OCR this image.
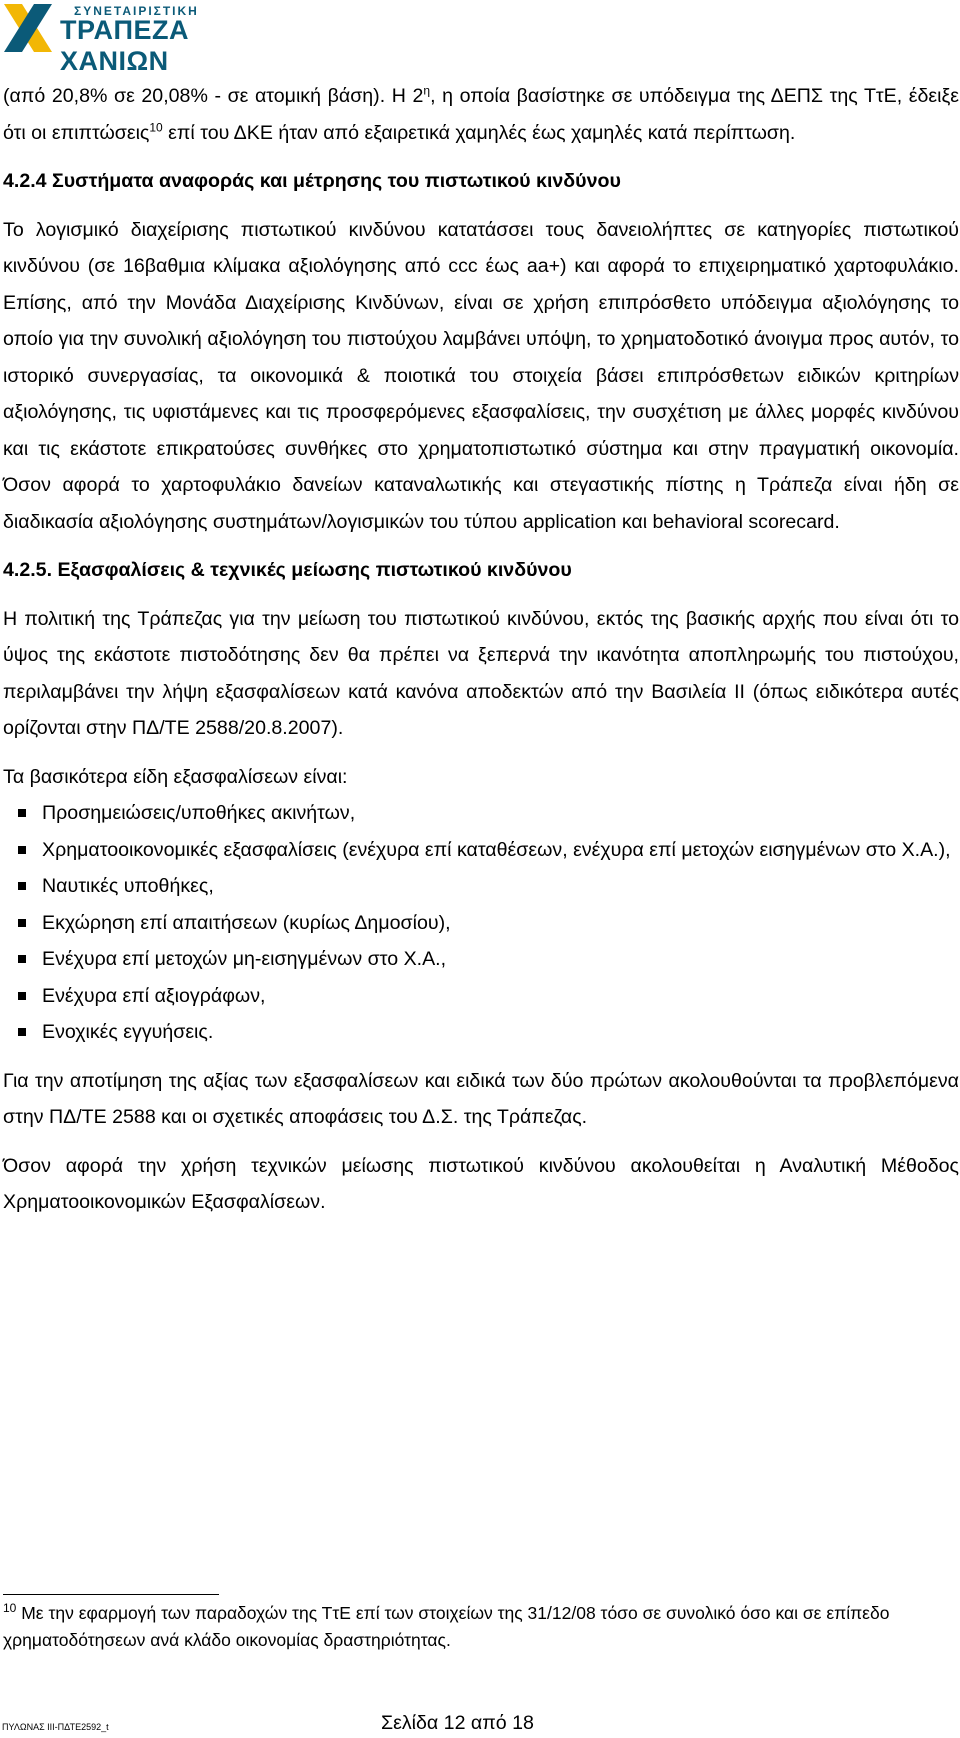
ΣΥΝΕΤΑΙΡΙΣΤΙΚΗ
ΤΡΑΠΕΖΑ ΧΑΝΙΩΝ

(από 20,8% σε 20,08% - σε ατομική βάση). Η $2^\eta$, η οποία βασίστηκε σε υπόδειγμα της ΔΕΠΣ της ΤτΕ, έδειξε ότι οι επιπτώσεις$^{10}$ επί του ΔΚΕ ήταν από εξαιρετικά χαμηλές έως χαμηλές κατά περίπτωση.

4.2.4 Συστήματα αναφοράς και μέτρησης του πιστωτικού κινδύνου

Το λογισμικό διαχείρισης πιστωτικού κινδύνου κατατάσσει τους δανειολήπτες σε κατηγορίες πιστωτικού κινδύνου (σε 16βαθμια κλίμακα αξιολόγησης από ccc έως aa+) και αφορά το επιχειρηματικό χαρτοφυλάκιο. Επίσης, από την Μονάδα Διαχείρισης Κινδύνων, είναι σε χρήση επιπρόσθετο υπόδειγμα αξιολόγησης το οποίο για την συνολική αξιολόγηση του πιστούχου λαμβάνει υπόψη, το χρηματοδοτικό άνοιγμα προς αυτόν, το ιστορικό συνεργασίας, τα οικονομικά & ποιοτικά του στοιχεία βάσει επιπρόσθετων ειδικών κριτηρίων αξιολόγησης, τις υφιστάμενες και τις προσφερόμενες εξασφαλίσεις, την συσχέτιση με άλλες μορφές κινδύνου και τις εκάστοτε επικρατούσες συνθήκες στο χρηματοπιστωτικό σύστημα και στην πραγματική οικονομία. Όσον αφορά το χαρτοφυλάκιο δανείων καταναλωτικής και στεγαστικής πίστης η Τράπεζα είναι ήδη σε διαδικασία αξιολόγησης συστημάτων/λογισμικών του τύπου application και behavioral scorecard.

4.2.5. Εξασφαλίσεις & τεχνικές μείωσης πιστωτικού κινδύνου

Η πολιτική της Τράπεζας για την μείωση του πιστωτικού κινδύνου, εκτός της βασικής αρχής που είναι ότι το ύψος της εκάστοτε πιστοδότησης δεν θα πρέπει να ξεπερνά την ικανότητα αποπληρωμής του πιστούχου, περιλαμβάνει την λήψη εξασφαλίσεων κατά κανόνα αποδεκτών από την Βασιλεία ΙΙ (όπως ειδικότερα αυτές ορίζονται στην ΠΔ/ΤΕ 2588/20.8.2007).

Τα βασικότερα είδη εξασφαλίσεων είναι:

Προσημειώσεις/υποθήκες ακινήτων,
Χρηματοοικονομικές εξασφαλίσεις (ενέχυρα επί καταθέσεων, ενέχυρα επί μετοχών εισηγμένων στο Χ.Α.),
Ναυτικές υποθήκες,
Εκχώρηση επί απαιτήσεων (κυρίως Δημοσίου),
Ενέχυρα επί μετοχών μη-εισηγμένων στο Χ.Α.,
Ενέχυρα επί αξιογράφων,
Ενοχικές εγγυήσεις.

Για την αποτίμηση της αξίας των εξασφαλίσεων και ειδικά των δύο πρώτων ακολουθούνται τα προβλεπόμενα στην ΠΔ/ΤΕ 2588 και οι σχετικές αποφάσεις του Δ.Σ. της Τράπεζας.

Όσον αφορά την χρήση τεχνικών μείωσης πιστωτικού κινδύνου ακολουθείται η Αναλυτική Μέθοδος Χρηματοοικονομικών Εξασφαλίσεων.

$^{10}$ Με την εφαρμογή των παραδοχών της ΤτΕ επί των στοιχείων της 31/12/08 τόσο σε συνολικό όσο και σε επίπεδο χρηματοδότησεων ανά κλάδο οικονομίας δραστηριότητας.
ΠΥΛΩΝΑΣ ΙΙΙ-ΠΔΤΕ2592_t	Σελίδα 12 από 18
